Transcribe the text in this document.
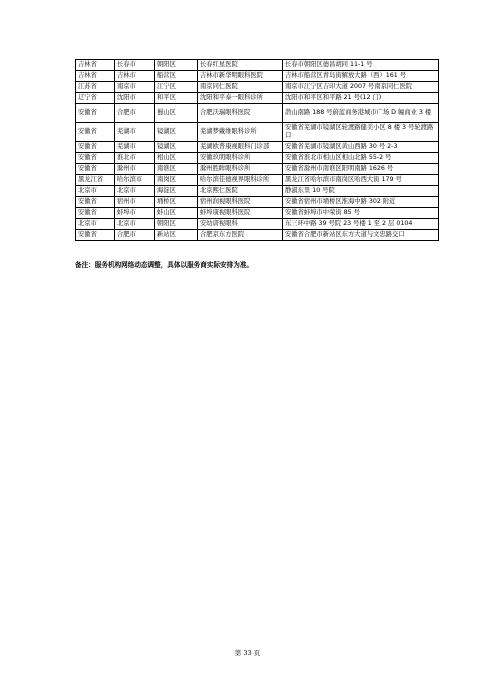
吉林省	长春市	朝阳区	长春红星医院	长春市朝阳区德昌胡同 11-1 号
吉林省	吉林市	船营区	吉林市新华明眼科医院	吉林市船营区青岛街解放大路（西）161 号
江苏省	南京市	江宁区	南京同仁医院	南京市江宁区吉印大道 2007 号南京同仁医院
辽宁省	沈阳市	和平区	沈阳和平泰一眼科诊所	沈阳市和平区和平路 21 号(12 门)
安徽省	合肥市	蜀山区	合肥沃瑞眼科医院	潜山南路 188 号蔚蓝商务港城市广场 D 幢商业 3 楼
安徽省	芜湖市	镜湖区	芜湖梦戴维眼科诊所	安徽省芜湖市镜湖区轮渡路健美小区 8 楼 3 号轮渡路口
安徽省	芜湖市	镜湖区	芜湖欧普康视眼科门诊部	安徽省芜湖市镜湖区黄山西路 30 号 2-3
安徽省	淮北市	相山区	安徽玖明眼科诊所	安徽省淮北市相山区相山北路 55-2 号
安徽省	滁州市	南谯区	滁州胜眸眼科诊所	安徽省滁州市南谯区阳明南路 1626 号
黑龙江省	哈尔滨市	南岗区	哈尔滨佳德视界眼科诊所	黑龙江省哈尔滨市南岗区哈西大街 179 号
北京市	北京市	海淀区	北京熙仁医院	静淑东里 10 号院
安徽省	宿州市	埇桥区	宿州润视眼科医院	安徽省宿州市埇桥区淮海中路 302 附近
安徽省	蚌埠市	蚌山区	蚌埠康视眼科医院	安徽省蚌埠市中荣街 85 号
北京市	北京市	朝阳区	安幼唐视眼科	东三环中路 39 号院 23 号楼 1 至 2 层 0104
安徽省	合肥市	新站区	合肥京东方医院	安徽省合肥市新站区东方大道与文忠路交口
备注：服务机构网络动态调整，具体以服务商实际安排为准。
第 33 页
